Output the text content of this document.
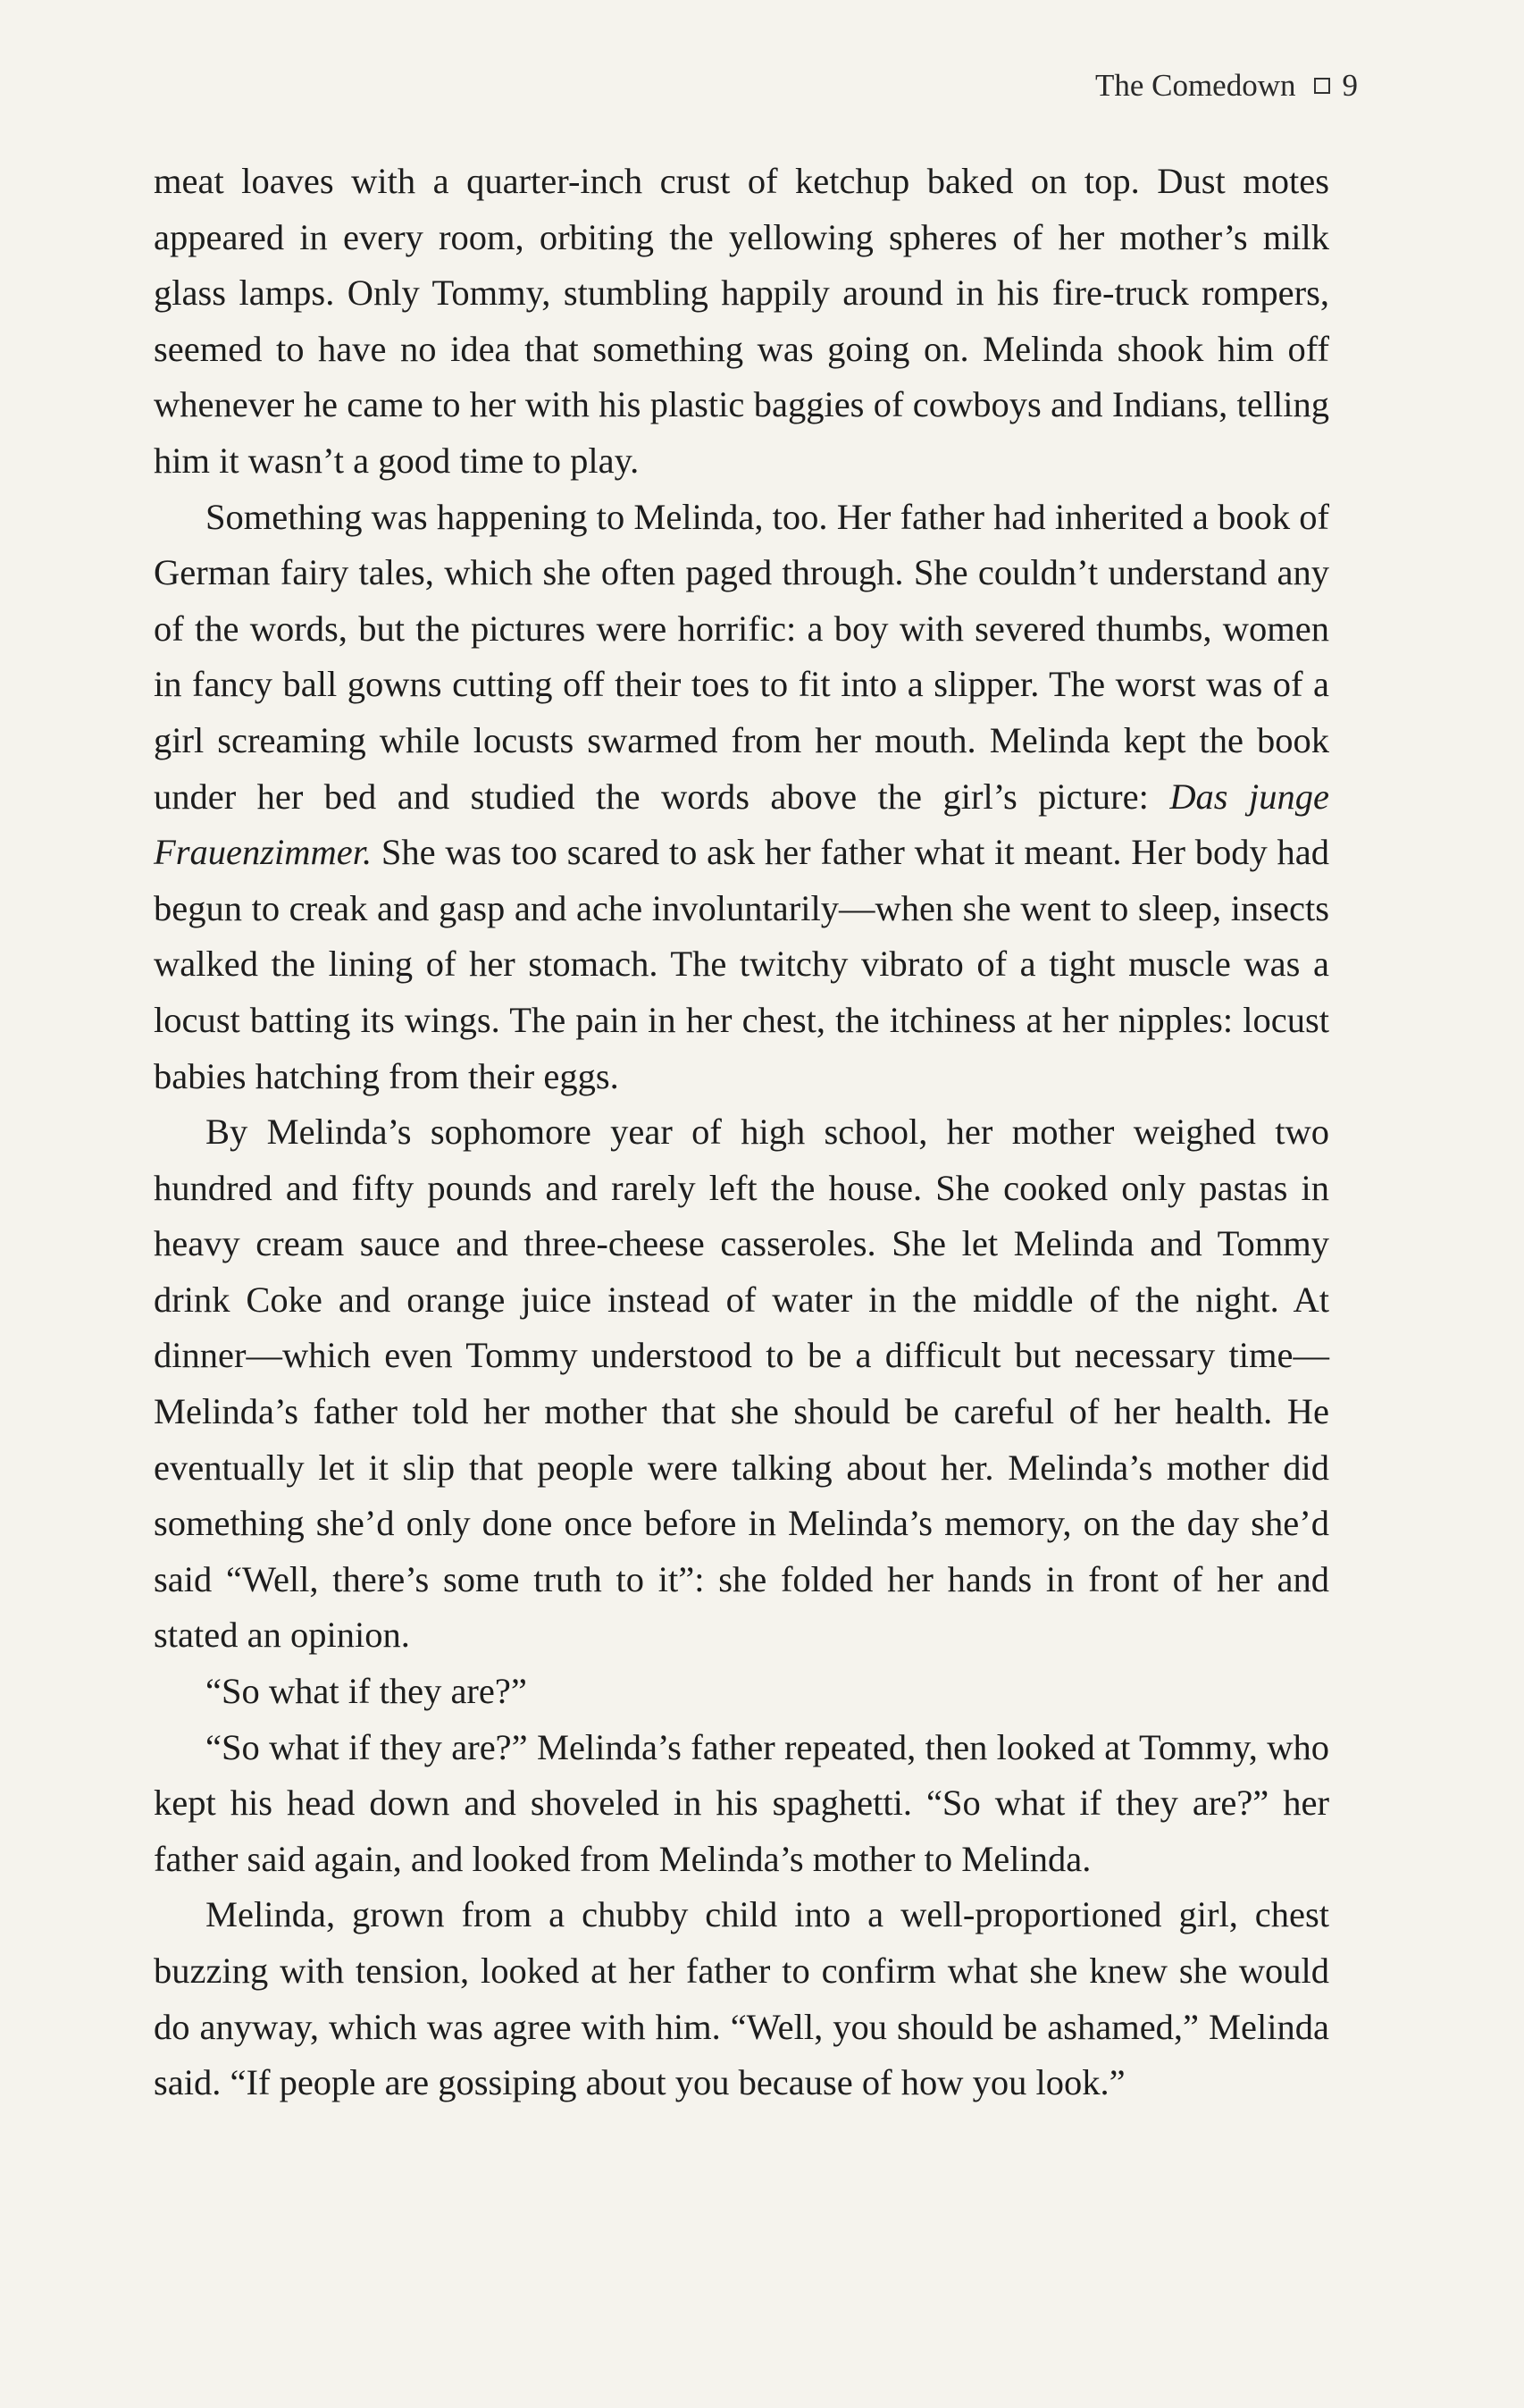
The Comedown 9

meat loaves with a quarter-inch crust of ketchup baked on top. Dust motes appeared in every room, orbiting the yellowing spheres of her mother’s milk glass lamps. Only Tommy, stumbling happily around in his fire-truck rompers, seemed to have no idea that something was going on. Melinda shook him off whenever he came to her with his plastic baggies of cowboys and Indians, telling him it wasn’t a good time to play.

Something was happening to Melinda, too. Her father had inherited a book of German fairy tales, which she often paged through. She couldn’t understand any of the words, but the pictures were horrific: a boy with severed thumbs, women in fancy ball gowns cutting off their toes to fit into a slipper. The worst was of a girl screaming while locusts swarmed from her mouth. Melinda kept the book under her bed and studied the words above the girl’s picture: Das junge Frauenzimmer. She was too scared to ask her father what it meant. Her body had begun to creak and gasp and ache involuntarily—when she went to sleep, insects walked the lining of her stomach. The twitchy vibrato of a tight muscle was a locust batting its wings. The pain in her chest, the itchiness at her nipples: locust babies hatching from their eggs.

By Melinda’s sophomore year of high school, her mother weighed two hundred and fifty pounds and rarely left the house. She cooked only pastas in heavy cream sauce and three-cheese casseroles. She let Melinda and Tommy drink Coke and orange juice instead of water in the middle of the night. At dinner—which even Tommy understood to be a difficult but necessary time—Melinda’s father told her mother that she should be careful of her health. He eventually let it slip that people were talking about her. Melinda’s mother did something she’d only done once before in Melinda’s memory, on the day she’d said “Well, there’s some truth to it”: she folded her hands in front of her and stated an opinion.

“So what if they are?”

“So what if they are?” Melinda’s father repeated, then looked at Tommy, who kept his head down and shoveled in his spaghetti. “So what if they are?” her father said again, and looked from Melinda’s mother to Melinda.

Melinda, grown from a chubby child into a well-proportioned girl, chest buzzing with tension, looked at her father to confirm what she knew she would do anyway, which was agree with him. “Well, you should be ashamed,” Melinda said. “If people are gossiping about you because of how you look.”
